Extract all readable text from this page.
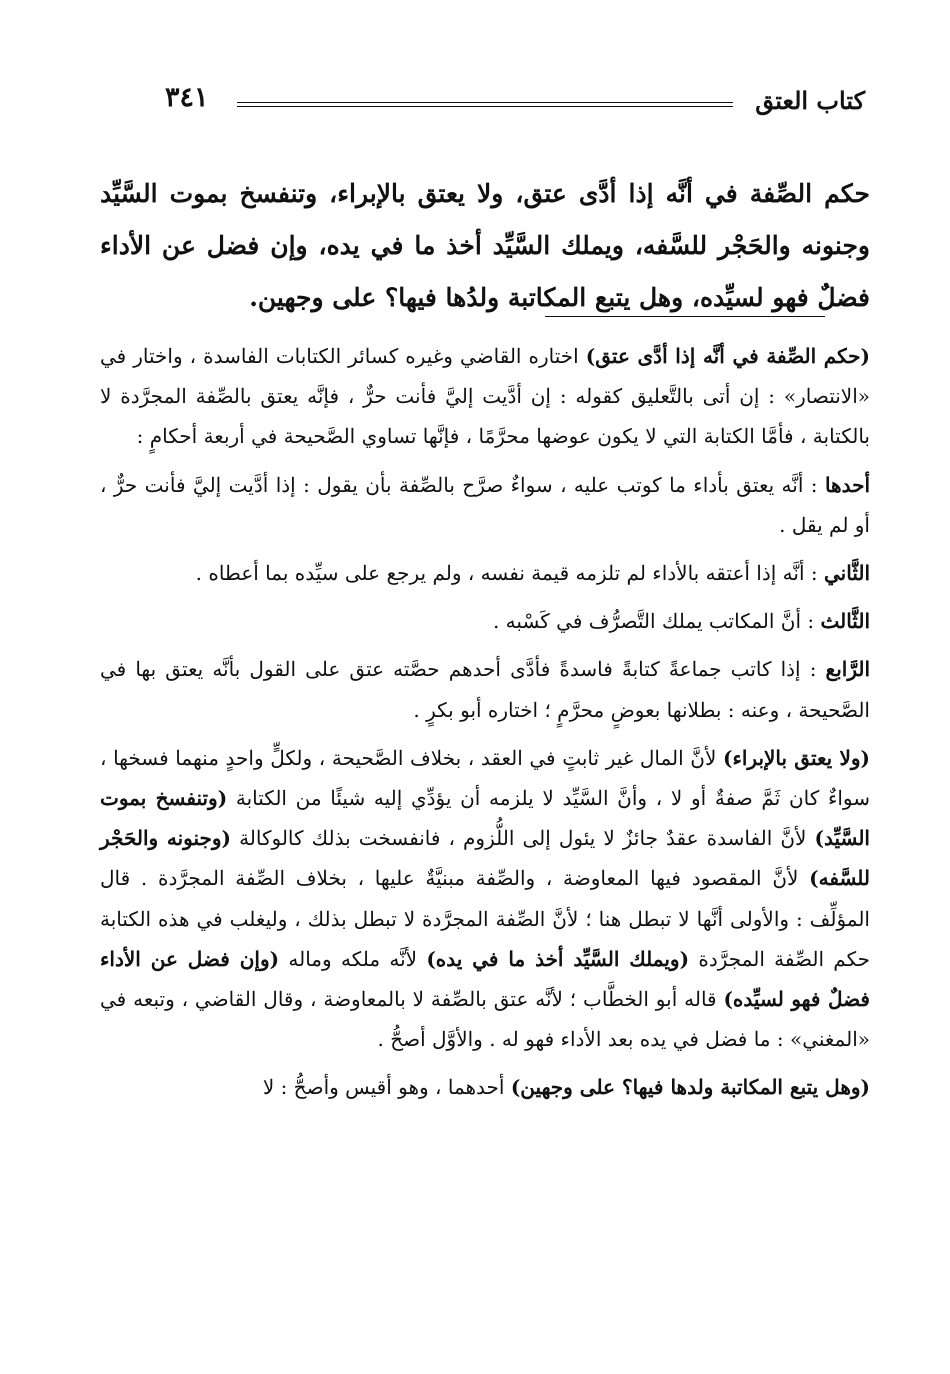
٣٤١	كتاب العتق

حكم الصِّفة في أنَّه إذا أدَّى عتق، ولا يعتق بالإبراء، وتنفسخ بموت السَّيِّد وجنونه والحَجْر للسَّفه، ويملك السَّيِّد أخذ ما في يده، وإن فضل عن الأداء فضلٌ فهو لسيِّده، وهل يتبع المكاتبة ولدُها فيها؟ على وجهين.

(حكم الصِّفة في أنَّه إذا أدَّى عتق) اختاره القاضي وغيره كسائر الكتابات الفاسدة ، واختار في «الانتصار» : إن أتى بالتَّعليق كقوله : إن أدَّيت إليَّ فأنت حرٌّ ، فإنَّه يعتق بالصِّفة المجرَّدة لا بالكتابة ، فأمَّا الكتابة التي لا يكون عوضها محرَّمًا ، فإنَّها تساوي الصَّحيحة في أربعة أحكامٍ :

أحدها : أنَّه يعتق بأداء ما كوتب عليه ، سواءٌ صرَّح بالصِّفة بأن يقول : إذا أدَّيت إليَّ فأنت حرٌّ ، أو لم يقل .

الثَّاني : أنَّه إذا أعتقه بالأداء لم تلزمه قيمة نفسه ، ولم يرجع على سيِّده بما أعطاه .

الثَّالث : أنَّ المكاتب يملك التَّصرُّف في كَسْبه .

الرَّابع : إذا كاتب جماعةً كتابةً فاسدةً فأدَّى أحدهم حصَّته عتق على القول بأنَّه يعتق بها في الصَّحيحة ، وعنه : بطلانها بعوضٍ محرَّمٍ ؛ اختاره أبو بكرٍ .

(ولا يعتق بالإبراء) لأنَّ المال غير ثابتٍ في العقد ، بخلاف الصَّحيحة ، ولكلٍّ واحدٍ منهما فسخها ، سواءٌ كان ثَمَّ صفةٌ أو لا ، وأنَّ السَّيِّد لا يلزمه أن يؤدِّي إليه شيئًا من الكتابة (وتنفسخ بموت السَّيِّد) لأنَّ الفاسدة عقدٌ جائزٌ لا يئول إلى اللُّزوم ، فانفسخت بذلك كالوكالة (وجنونه والحَجْر للسَّفه) لأنَّ المقصود فيها المعاوضة ، والصِّفة مبنيَّةٌ عليها ، بخلاف الصِّفة المجرَّدة . قال المؤلِّف : والأولى أنَّها لا تبطل هنا ؛ لأنَّ الصِّفة المجرَّدة لا تبطل بذلك ، وليغلب في هذه الكتابة حكم الصِّفة المجرَّدة (ويملك السَّيِّد أخذ ما في يده) لأنَّه ملكه وماله (وإن فضل عن الأداء فضلٌ فهو لسيِّده) قاله أبو الخطَّاب ؛ لأنَّه عتق بالصِّفة لا بالمعاوضة ، وقال القاضي ، وتبعه في «المغني» : ما فضل في يده بعد الأداء فهو له . والأوَّل أصحُّ .

(وهل يتبع المكاتبة ولدها فيها؟ على وجهين) أحدهما ، وهو أقيس وأصحُّ : لا
